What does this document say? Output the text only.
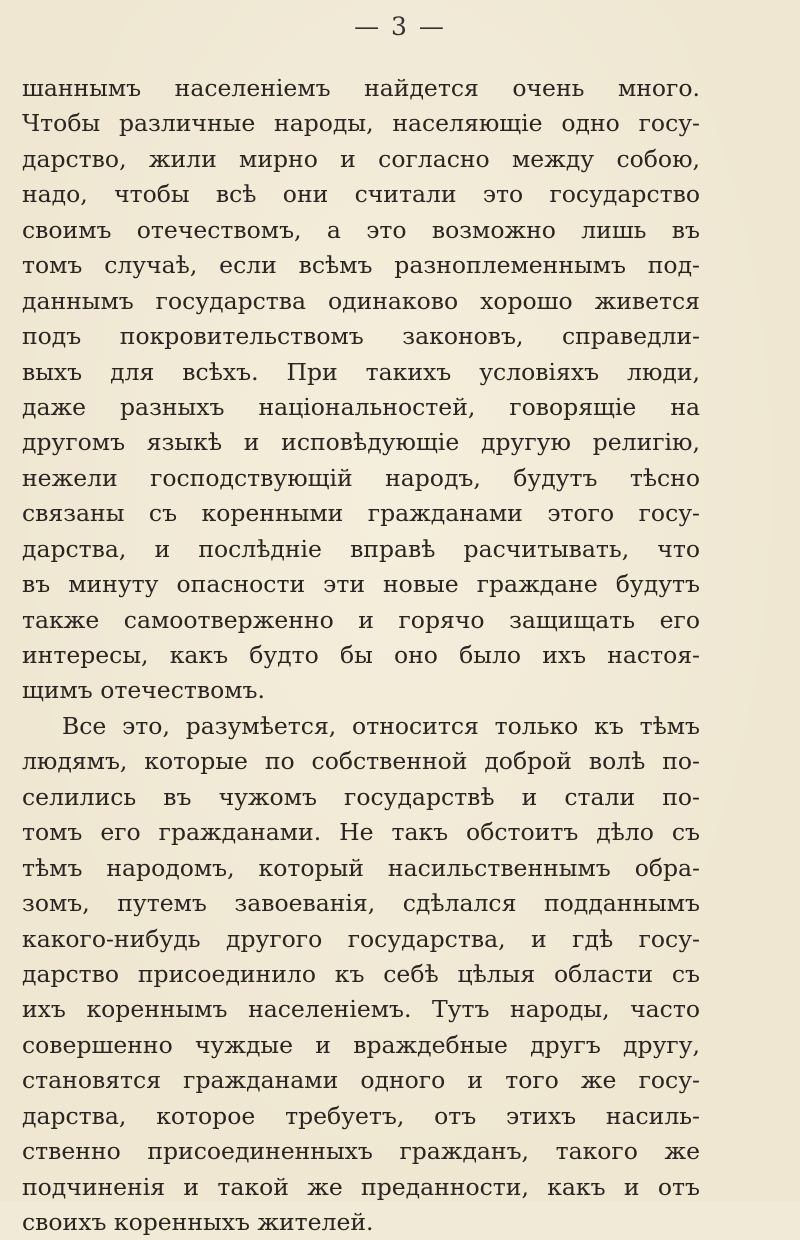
— 3 —
шаннымъ населеніемъ найдется очень много.
Чтобы различные народы, населяющіе одно госу-
дарство, жили мирно и согласно между собою,
надо, чтобы всѣ они считали это государство
своимъ отечествомъ, а это возможно лишь въ
томъ случаѣ, если всѣмъ разноплеменнымъ под-
даннымъ государства одинаково хорошо живется
подъ покровительствомъ законовъ, справедли-
выхъ для всѣхъ. При такихъ условіяхъ люди,
даже разныхъ національностей, говорящіе на
другомъ языкѣ и исповѣдующіе другую религію,
нежели господствующій народъ, будутъ тѣсно
связаны съ коренными гражданами этого госу-
дарства, и послѣдніе вправѣ расчитывать, что
въ минуту опасности эти новые граждане будутъ
также самоотверженно и горячо защищать его
интересы, какъ будто бы оно было ихъ настоя-
щимъ отечествомъ.
Все это, разумѣется, относится только къ тѣмъ
людямъ, которые по собственной доброй волѣ по-
селились въ чужомъ государствѣ и стали по-
томъ его гражданами. Не такъ обстоитъ дѣло съ
тѣмъ народомъ, который насильственнымъ обра-
зомъ, путемъ завоеванія, сдѣлался подданнымъ
какого-нибудь другого государства, и гдѣ госу-
дарство присоединило къ себѣ цѣлыя области съ
ихъ кореннымъ населеніемъ. Тутъ народы, часто
совершенно чуждые и враждебные другъ другу,
становятся гражданами одного и того же госу-
дарства, которое требуетъ, отъ этихъ насиль-
ственно присоединенныхъ гражданъ, такого же
подчиненія и такой же преданности, какъ и отъ
своихъ коренныхъ жителей.
